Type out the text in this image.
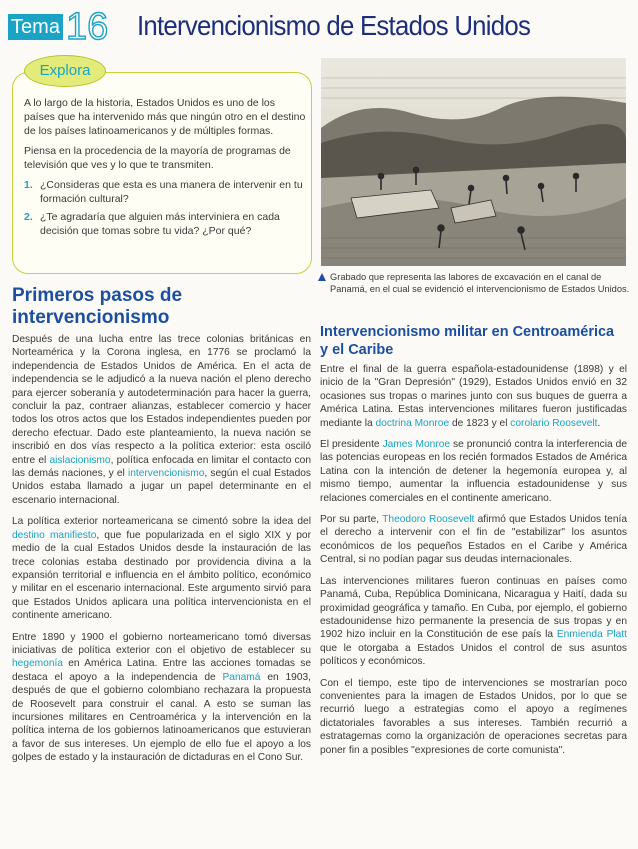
Tema 16 Intervencionismo de Estados Unidos
Explora

A lo largo de la historia, Estados Unidos es uno de los países que ha intervenido más que ningún otro en el destino de los países latinoamericanos y de múltiples formas.

Piensa en la procedencia de la mayoría de programas de televisión que ves y lo que te transmiten.

1. ¿Consideras que esta es una manera de intervenir en tu formación cultural?
2. ¿Te agradaría que alguien más interviniera en cada decisión que tomas sobre tu vida? ¿Por qué?
Grabado que representa las labores de excavación en el canal de Panamá, en el cual se evidenció el intervencionismo de Estados Unidos.
Primeros pasos de intervencionismo

Después de una lucha entre las trece colonias británicas en Norteamérica y la Corona inglesa, en 1776 se proclamó la independencia de Estados Unidos de América. En el acta de independencia se le adjudicó a la nueva nación el pleno derecho para ejercer soberanía y autodeterminación para hacer la guerra, concluir la paz, contraer alianzas, establecer comercio y hacer todos los otros actos que los Estados independientes pueden por derecho efectuar. Dado este planteamiento, la nueva nación se inscribió en dos vías respecto a la política exterior: esta osciló entre el aislacionismo, política enfocada en limitar el contacto con las demás naciones, y el intervencionismo, según el cual Estados Unidos estaba llamado a jugar un papel determinante en el escenario internacional.

La política exterior norteamericana se cimentó sobre la idea del destino manifiesto, que fue popularizada en el siglo XIX y por medio de la cual Estados Unidos desde la instauración de las trece colonias estaba destinado por providencia divina a la expansión territorial e influencia en el ámbito político, económico y militar en el escenario internacional. Este argumento sirvió para que Estados Unidos aplicara una política intervencionista en el continente americano.

Entre 1890 y 1900 el gobierno norteamericano tomó diversas iniciativas de política exterior con el objetivo de establecer su hegemonía en América Latina. Entre las acciones tomadas se destaca el apoyo a la independencia de Panamá en 1903, después de que el gobierno colombiano rechazara la propuesta de Roosevelt para construir el canal. A esto se suman las incursiones militares en Centroamérica y la intervención en la política interna de los gobiernos latinoamericanos que estuvieran a favor de sus intereses. Un ejemplo de ello fue el apoyo a los golpes de estado y la instauración de dictaduras en el Cono Sur.

Intervencionismo militar en Centroamérica y el Caribe

Entre el final de la guerra española-estadounidense (1898) y el inicio de la "Gran Depresión" (1929), Estados Unidos envió en 32 ocasiones sus tropas o marines junto con sus buques de guerra a América Latina. Estas intervenciones militares fueron justificadas mediante la doctrina Monroe de 1823 y el corolario Roosevelt.

El presidente James Monroe se pronunció contra la interferencia de las potencias europeas en los recién formados Estados de América Latina con la intención de detener la hegemonía europea y, al mismo tiempo, aumentar la influencia estadounidense y sus relaciones comerciales en el continente americano.

Por su parte, Theodoro Roosevelt afirmó que Estados Unidos tenía el derecho a intervenir con el fin de "estabilizar" los asuntos económicos de los pequeños Estados en el Caribe y América Central, si no podían pagar sus deudas internacionales.

Las intervenciones militares fueron continuas en países como Panamá, Cuba, República Dominicana, Nicaragua y Haití, dada su proximidad geográfica y tamaño. En Cuba, por ejemplo, el gobierno estadounidense hizo permanente la presencia de sus tropas y en 1902 hizo incluir en la Constitución de ese país la Enmienda Platt que le otorgaba a Estados Unidos el control de sus asuntos políticos y económicos.

Con el tiempo, este tipo de intervenciones se mostrarían poco convenientes para la imagen de Estados Unidos, por lo que se recurrió luego a estrategias como el apoyo a regímenes dictatoriales favorables a sus intereses. También recurrió a estratagemas como la organización de operaciones secretas para poner fin a posibles "expresiones de corte comunista".
